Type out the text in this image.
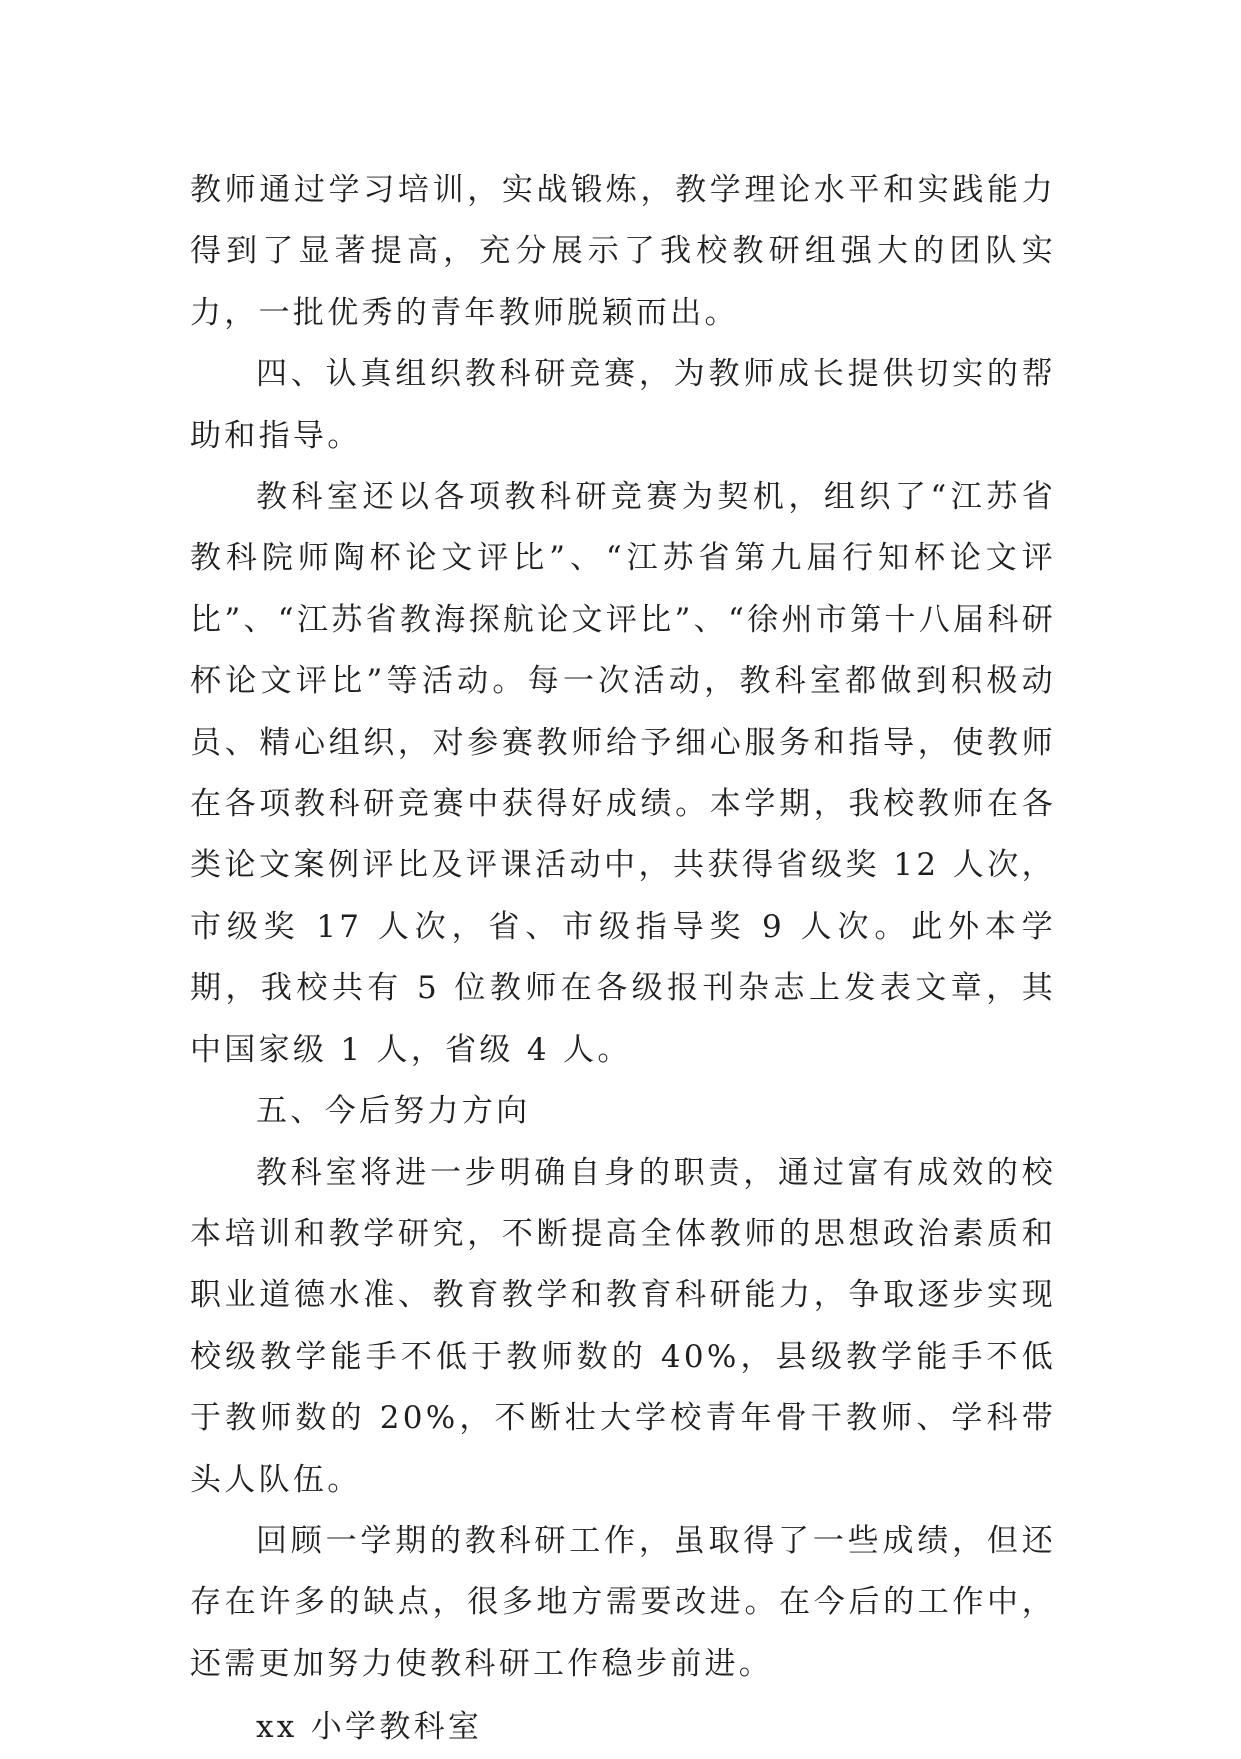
教师通过学习培训，实战锻炼，教学理论水平和实践能力得到了显著提高，充分展示了我校教研组强大的团队实力，一批优秀的青年教师脱颖而出。

四、认真组织教科研竞赛，为教师成长提供切实的帮助和指导。

教科室还以各项教科研竞赛为契机，组织了“江苏省教科院师陶杯论文评比”、“江苏省第九届行知杯论文评比”、“江苏省教海探航论文评比”、“徐州市第十八届科研杯论文评比”等活动。每一次活动，教科室都做到积极动员、精心组织，对参赛教师给予细心服务和指导，使教师在各项教科研竞赛中获得好成绩。本学期，我校教师在各类论文案例评比及评课活动中，共获得省级奖 12 人次，市级奖 17 人次，省、市级指导奖 9 人次。此外本学期，我校共有 5 位教师在各级报刊杂志上发表文章，其中国家级 1 人，省级 4 人。

五、今后努力方向

教科室将进一步明确自身的职责，通过富有成效的校本培训和教学研究，不断提高全体教师的思想政治素质和职业道德水准、教育教学和教育科研能力，争取逐步实现校级教学能手不低于教师数的 40%，县级教学能手不低于教师数的 20%，不断壮大学校青年骨干教师、学科带头人队伍。

回顾一学期的教科研工作，虽取得了一些成绩，但还存在许多的缺点，很多地方需要改进。在今后的工作中，还需更加努力使教科研工作稳步前进。

xx 小学教科室
